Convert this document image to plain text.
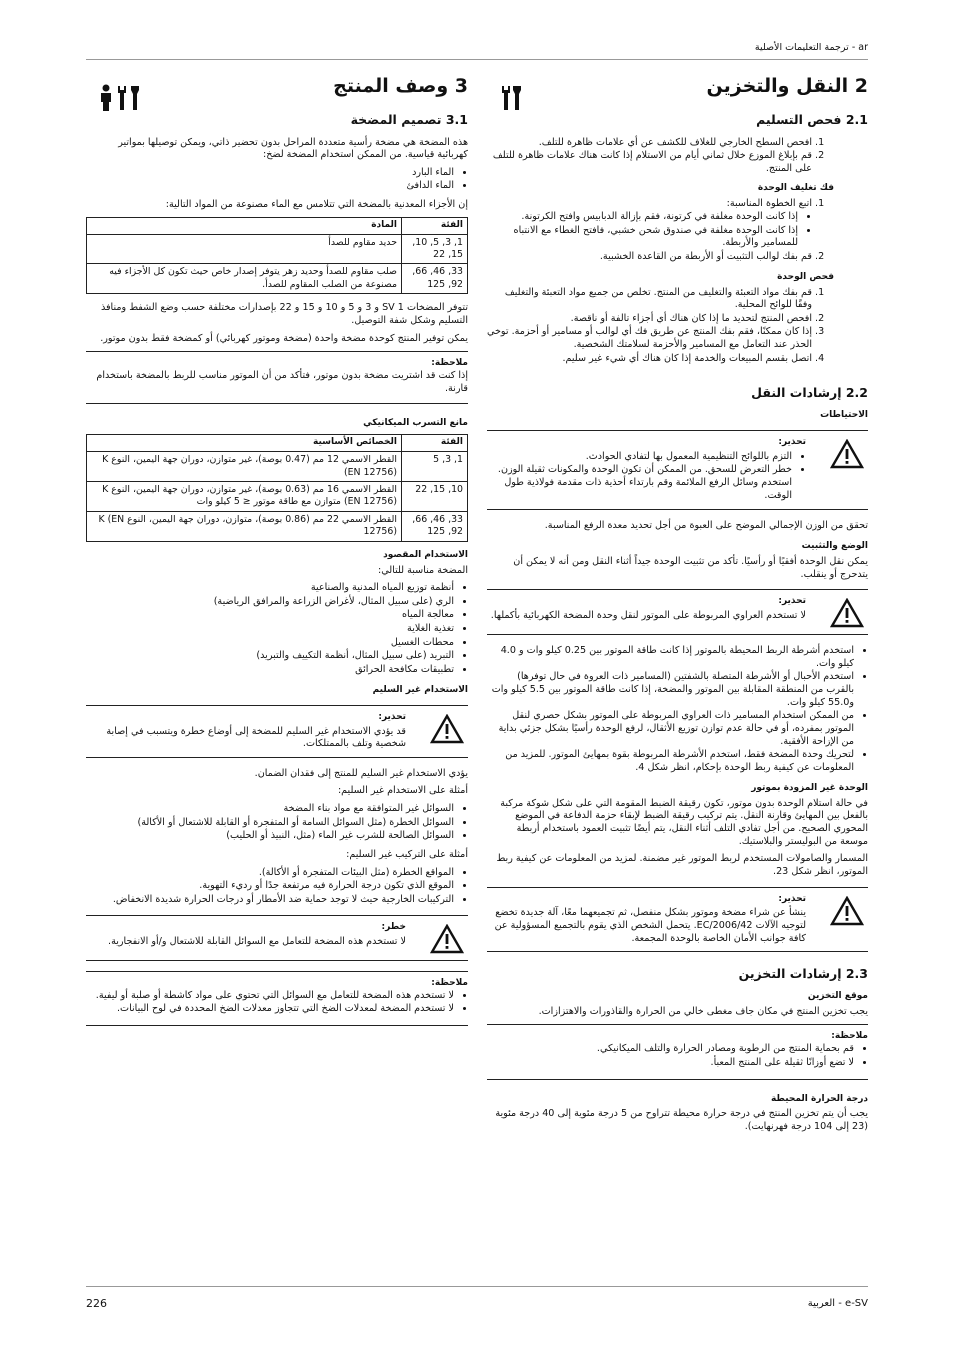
ar - ترجمة التعليمات الأصلية
2 النقل والتخزين
2.1 فحص التسليم
1. افحص السطح الخارجي للغلاف للكشف عن أي علامات ظاهرة للتلف.
2. قم بإبلاغ الموزع خلال ثماني أيام من الاستلام إذا كانت هناك علامات ظاهرة للتلف على المنتج.
فك تغليف الوحدة
1. اتبع الخطوة المناسبة:
• إذا كانت الوحدة مغلفة في كرتونة، فقم بإزالة الدبابيس وافتح الكرتونة.
• إذا كانت الوحدة مغلفة في صندوق شحن خشبي، فافتح الغطاء مع الانتباه للمسامير والأربطة.
2. قم بفك لوالب التثبيت أو الأربطة من القاعدة الخشبية.
فحص الوحدة
1. قم بفك مواد التعبئة والتغليف من المنتج. تخلص من جميع مواد التعبئة والتغليف وفقًا للوائح المحلية.
2. افحص المنتج لتحديد ما إذا كان هناك أي أجزاء تالفة أو ناقصة.
3. إذا كان ممكنًا، فقم بفك المنتج عن طريق فك أي لوالب أو مسامير أو أحزمة. توخي الحذر عند التعامل مع المسامير والأحزمة لسلامتك الشخصية.
4. اتصل بقسم المبيعات والخدمة إذا كان هناك أي شيء غير سليم.
2.2 إرشادات النقل
الاحتياطات
تحذير:
• التزم باللوائح التنظيمية المعمول بها لتفادي الحوادث.
• خطر التعرض للسحق. من الممكن أن تكون الوحدة والمكونات ثقيلة الوزن. استخدم وسائل الرفع الملائمة وقم بارتداء أحذية ذات مقدمة فولاذية طول الوقت.

تحقق من الوزن الإجمالي الموضح على العبوة من أجل تحديد معدة الرفع المناسبة.

الوضع والتثبيت

يمكن نقل الوحدة أفقيًا أو رأسيًا. تأكد من تثبيت الوحدة جيداً أثناء النقل ومن أنه لا يمكن أن يتدحرج أو ينقلب.

تحذير:
لا تستخدم العراوي المربوطة على الموتور لنقل وحدة المضخة الكهربائية بأكملها.
• استخدم أشرطة الربط المحيطة بالموتور إذا كانت طاقة الموتور بين 0.25 كيلو وات و 4.0 كيلو وات.
• استخدم الأحبال أو الأشرطة المتصلة بالشفتين (المسامير ذات العروة في حال توفرها) بالقرب من المنطقة المقابلة بين الموتور والمضخة، إذا كانت طاقة الموتور بين 5.5 كيلو وات و55.0 كيلو وات.
• من الممكن استخدام المسامير ذات العراوي المربوطة على الموتور بشكل حصري لنقل الموتور بمفرده، أو في حالة عدم توازن توزيع الأثقال، لرفع الوحدة رأسيًا بشكل جزئي بداية من الإزاحة الأفقية.
• لتحريك وحدة المضخة فقط، استخدم الأشرطة المربوطة بقوة بمهايئ الموتور. للمزيد من المعلومات عن كيفية ربط الوحدة بإحكام، انظر شكل 4.
الوحدة غير المزودة بموتور

في حالة استلام الوحدة بدون موتور، تكون رقيقة الضبط المقومة التي على شكل شوكة مركبة بالفعل بين المهايئ وقارنة النقل. يتم تركيب رقيقة الضبط لإبقاء حزمة الدفاعة في الموضع المحوري الصحيح. من أجل تفادي التلف أثناء النقل، يتم أيضًا تثبيت العمود باستخدام أربطة موسعة من البوليستر والبلاستيك.

المسمار والصامولات المستخدم لربط الموتور غير مضمنة. لمزيد من المعلومات عن كيفية ربط الموتور، انظر شكل 23.

تحذير:
ينشأ عن شراء مضخة وموتور بشكل منفصل، ثم تجميعهما معًا، آلة جديدة تخضع لتوجيه الآلات EC/2006/42. يتحمل الشخص الذي يقوم بالتجميع المسؤولية عن كافة جوانب الأمان الخاصة بالوحدة المجمعة.
2.3 إرشادات التخزين
موقع التخزين

يجب تخزين المنتج في مكان جاف مغطى خالي من الحرارة والقاذورات والاهتزازات.

ملاحظة:
• قم بحماية المنتج من الرطوبة ومصادر الحرارة والتلف الميكانيكي.
• لا تضع أوزانًا ثقيلة على المنتج المعبأ.
درجة الحرارة المحيطة

يجب أن يتم تخزين المنتج في درجة حرارة محيطة تتراوح من 5 درجة مئوية إلى 40 درجة مئوية (23 إلى 104 درجة فهرنهايت).

3 وصف المنتج
3.1 تصميم المضخة

هذه المضخة هي مضخة رأسية متعددة المراحل بدون تحضير ذاتي، ويمكن توصيلها بمواتير كهربائية قياسية. من الممكن استخدام المضخة لضخ:

• الماء البارد
• الماء الدافئ

إن الأجزاء المعدنية بالمضخة التي تتلامس مع الماء مصنوعة من المواد التالية:

الفئة	المادة
1, 3, 5, 10, 15, 22	حديد مقاوم للصدأ
33, 46, 66, 92, 125	صلب مقاوم للصدأ وحديد زهر يتوفر إصدار خاص حيث تكون كل الأجزاء فيه مصنوعة من الصلب المقاوم للصدأ.

تتوفر المضخات SV 1 و 3 و 5 و 10 و 15 و 22 بإصدارات مختلفة حسب وضع الشفط ومنافذ التسليم وشكل شفة التوصيل.

يمكن توفير المنتج كوحدة مضخة واحدة (مضخة وموتور كهربائي) أو كمضخة فقط بدون موتور.

ملاحظة:
إذا كنت قد اشتريت مضخة بدون موتور، فتأكد من أن الموتور مناسب للربط بالمضخة باستخدام قارنة.
مانع التسرب الميكانيكي
الفئة	الخصائص الأساسية
1, 3, 5	القطر الاسمي 12 مم (0.47 بوصة)، غير متوازن، دوران جهة اليمين، النوع K (EN 12756)
10, 15, 22	القطر الاسمي 16 مم (0.63 بوصة)، غير متوازن، دوران جهة اليمين، النوع K (EN 12756) متوازن مع طاقة موتور ≤ 5 كيلو وات
33, 46, 66, 92, 125	القطر الاسمي 22 مم (0.86 بوصة)، متوازن، دوران جهة اليمين، النوع K (EN 12756)
الاستخدام المقصود

المضخة مناسبة للتالي:

• أنظمة توزيع المياه المدنية والصناعية
• الري (على سبيل المثال، لأغراض الزراعة والمرافق الرياضية)
• معالجة المياه
• تغذية الغلاية
• محطات الغسيل
• التبريد (على سبيل المثال، أنظمة التكييف والتبريد)
• تطبيقات مكافحة الحرائق
الاستخدام غير السليم
تحذير:
قد يؤدي الاستخدام غير السليم للمضخة إلى أوضاع خطرة ويتسبب في إصابة شخصية وتلف بالممتلكات.

يؤدي الاستخدام غير السليم للمنتج إلى فقدان الضمان.

أمثلة على الاستخدام غير السليم:

• السوائل غير المتوافقة مع مواد بناء المضخة
• السوائل الخطرة (مثل السوائل السامة أو المتفجرة أو القابلة للاشتعال أو الأكالة)
• السوائل الصالحة للشرب غير الماء (مثل، النبيذ أو الحليب)

أمثلة على التركيب غير السليم:

• المواقع الخطرة (مثل البيئات المتفجرة أو الأكالة).
• الموقع الذي تكون درجة الحرارة فيه مرتفعة جدًا أو رديء التهوية.
• التركيبات الخارجية حيث لا توجد حماية ضد الأمطار أو درجات الحرارة شديدة الانخفاض.
خطر:
لا تستخدم هذه المضخة للتعامل مع السوائل القابلة للاشتعال و/أو الانفجارية.
ملاحظة:
• لا تستخدم هذه المضخة للتعامل مع السوائل التي تحتوي على مواد كاشطة أو صلبة أو ليفية.
• لا تستخدم المضخة لمعدلات الضخ التي تتجاوز معدلات الضخ المحددة في لوح البيانات.
e-SV - العربية
226
